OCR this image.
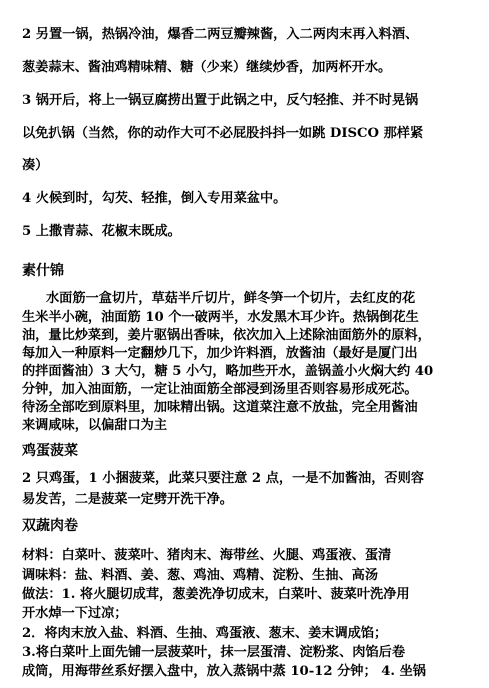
2 另置一锅，热锅冷油，爆香二两豆瓣辣酱，入二两肉末再入料酒、
葱姜蒜末、酱油鸡精味精、糖（少来）继续炒香，加两杯开水。
3 锅开后，将上一锅豆腐捞出置于此锅之中，反勺轻推、并不时晃锅
以免扒锅（当然，你的动作大可不必屁股抖抖一如跳 DISCO 那样紧
凑）
4 火候到时，勾芡、轻推，倒入专用菜盆中。
5 上撒青蒜、花椒末既成。
素什锦
水面筋一盒切片，草菇半斤切片，鲜冬笋一个切片，去红皮的花
生米半小碗，油面筋 10 个一破两半，水发黑木耳少许。热锅倒花生
油，量比炒菜到，姜片驱锅出香味，依次加入上述除油面筋外的原料，
每加入一种原料一定翻炒几下，加少许料酒，放酱油（最好是厦门出
的拌面酱油）3 大勺，糖 5 小勺，略加些开水，盖锅盖小火焖大约 40
分钟，加入油面筋，一定让油面筋全部浸到汤里否则容易形成死芯。
待汤全部吃到原料里，加味精出锅。这道菜注意不放盐，完全用酱油
来调咸味，以偏甜口为主
鸡蛋菠菜
2 只鸡蛋，1 小捆菠菜，此菜只要注意 2 点，一是不加酱油，否则容
易发苦，二是菠菜一定劈开洗干净。
双蔬肉卷
材料：白菜叶、菠菜叶、猪肉末、海带丝、火腿、鸡蛋液、蛋清
调味料：盐、料酒、姜、葱、鸡油、鸡精、淀粉、生抽、高汤
做法：1. 将火腿切成茸，葱姜洗净切成末，白菜叶、菠菜叶洗净用
开水焯一下过凉；
2．将肉末放入盐、料酒、生抽、鸡蛋液、葱末、姜末调成馅；
3.将白菜叶上面先铺一层菠菜叶，抹一层蛋清、淀粉浆、肉馅后卷
成筒，用海带丝系好摆入盘中，放入蒸锅中蒸 10-12 分钟； 4. 坐锅
